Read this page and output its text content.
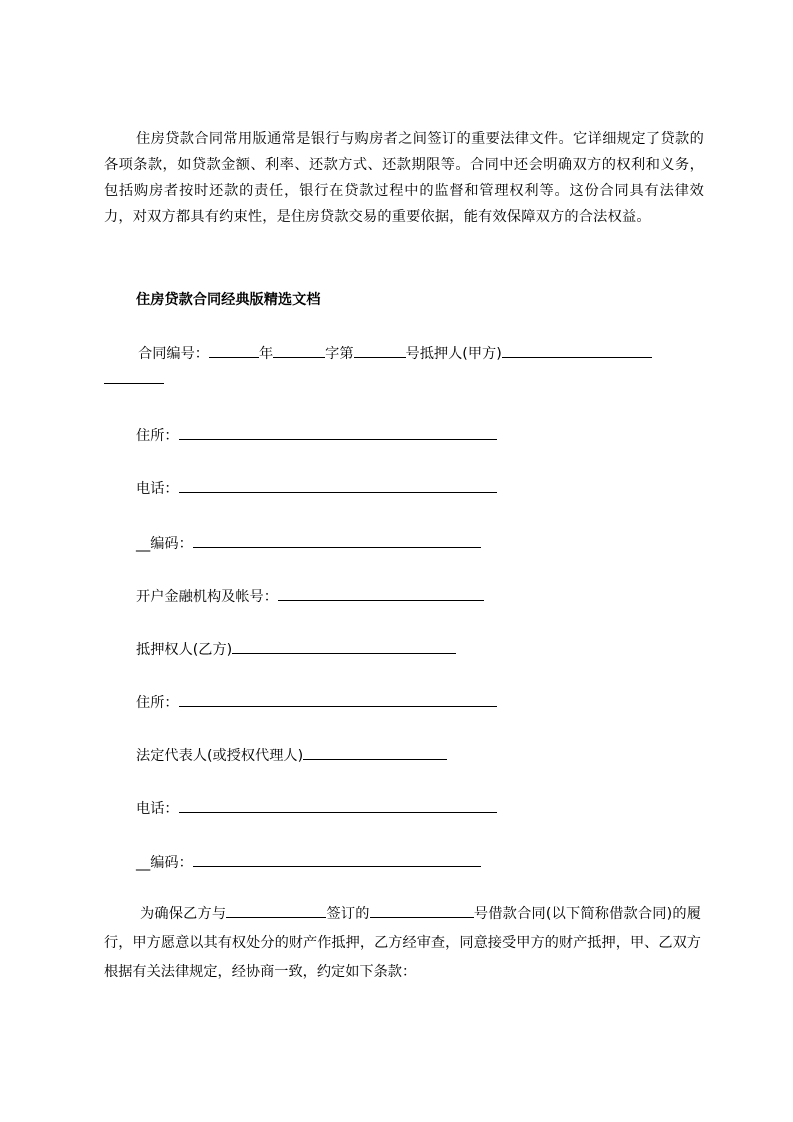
住房贷款合同常用版通常是银行与购房者之间签订的重要法律文件。它详细规定了贷款的各项条款，如贷款金额、利率、还款方式、还款期限等。合同中还会明确双方的权利和义务，包括购房者按时还款的责任，银行在贷款过程中的监督和管理权利等。这份合同具有法律效力，对双方都具有约束性，是住房贷款交易的重要依据，能有效保障双方的合法权益。
住房贷款合同经典版精选文档
合同编号：	年	字第	号抵押人(甲方)

住所：
电话：
__编码：
开户金融机构及帐号：
抵押权人(乙方)
住所：
法定代表人(或授权代理人)
电话：
__编码：
为确保乙方与	签订的	号借款合同(以下简称借款合同)的履行，甲方愿意以其有权处分的财产作抵押，乙方经审查，同意接受甲方的财产抵押，甲、乙双方根据有关法律规定，经协商一致，约定如下条款：
